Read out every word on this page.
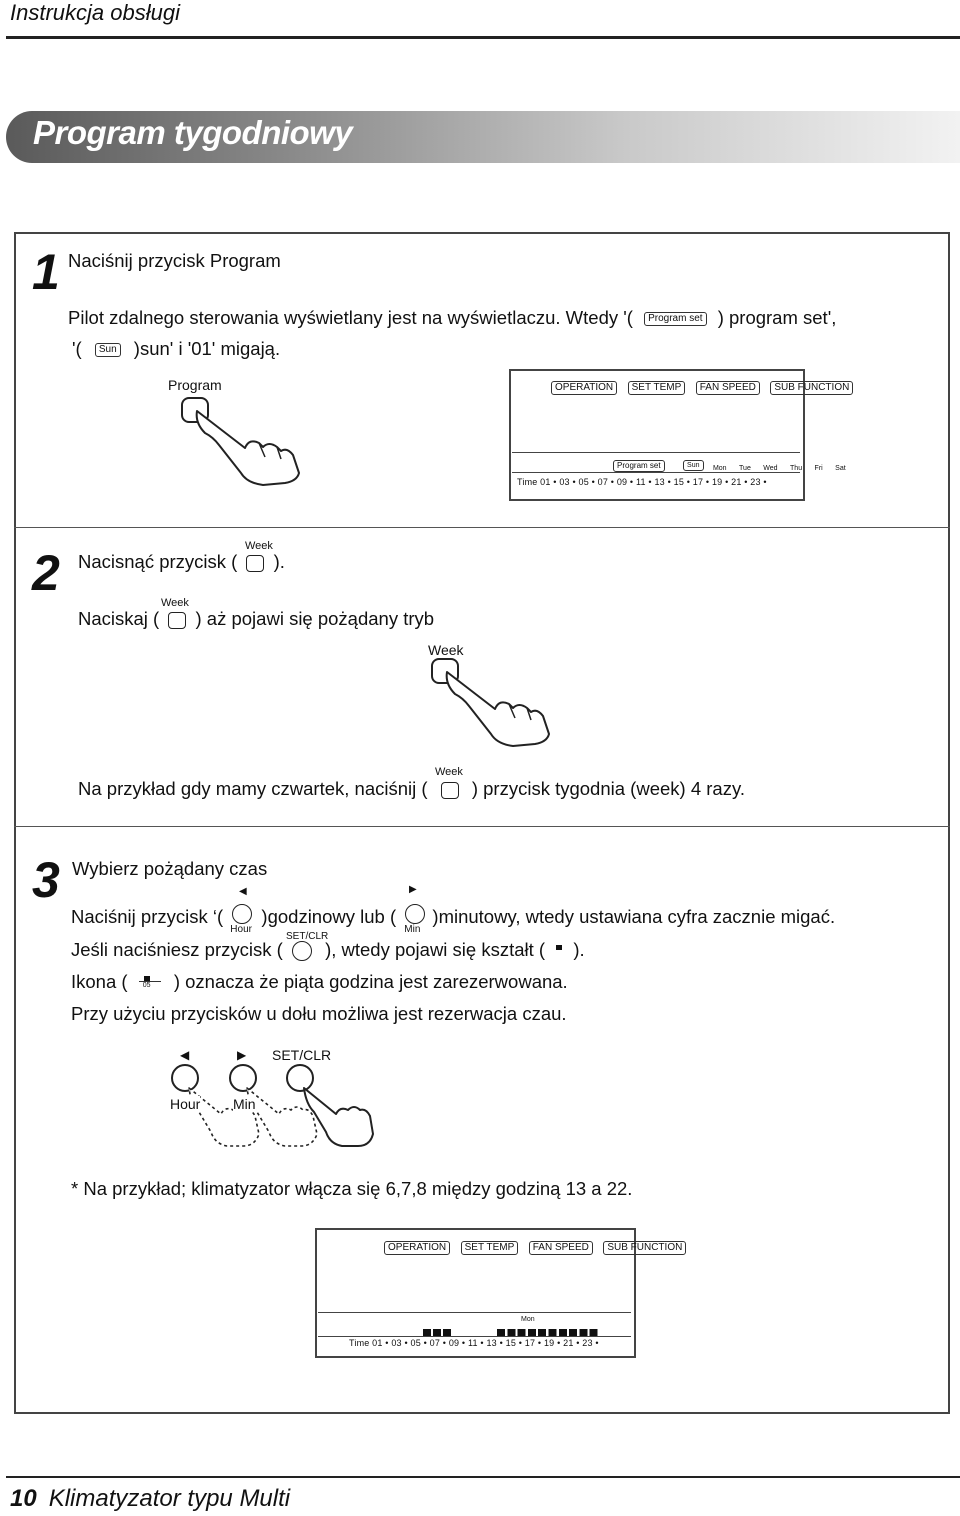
Instrukcja obsługi
Program tygodniowy
1 Naciśnij przycisk Program
Pilot zdalnego sterowania wyświetlany jest na wyświetlaczu. Wtedy '( Program set ) program set',
'( Sun )sun' i '01' migają.
Program	OPERATION SET TEMP FAN SPEED SUB FUNCTION
Program set	Sun Mon Tue Wed Thu Fri Sat
Time 01 • 03 • 05 • 07 • 09 • 11 • 13 • 15 • 17 • 19 • 21 • 23 •
2	Week
Nacisnąć przycisk ( ).
Week
Naciskaj ( ) aż pojawi się pożądany tryb
Week
Week
Na przykład gdy mamy czwartek, naciśnij ( ) przycisk tygodnia (week) 4 razy.
3 Wybierz pożądany czas
◀	▶
Naciśnij przycisk ‘(
Hour
)godzinowy lub (
Min
)minutowy, wtedy ustawiana cyfra zacznie migać.
SET/CLR
Jeśli naciśniesz przycisk ( ), wtedy pojawi się kształt ( ).
Ikona ( 05 ) oznacza że piąta godzina jest zarezerwowana.
Przy użyciu przycisków u dołu możliwa jest rezerwacja czau.
◀	▶ SET/CLR
Hour Min
* Na przykład; klimatyzator włącza się 6,7,8 między godziną 13 a 22.
OPERATION SET TEMP FAN SPEED SUB FUNCTION
Mon
Time 01 • 03 • 05 • 07 • 09 • 11 • 13 • 15 • 17 • 19 • 21 • 23 •
10 Klimatyzator typu Multi
